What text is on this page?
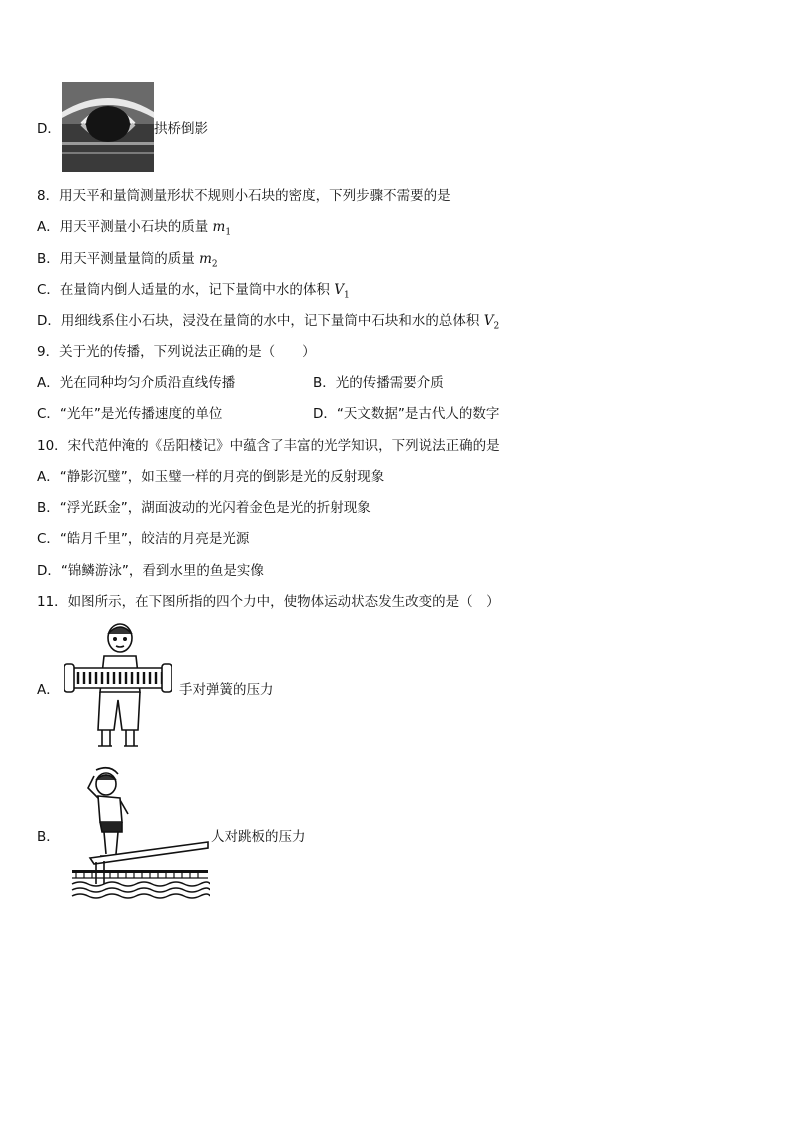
D．	拱桥倒影
8．用天平和量筒测量形状不规则小石块的密度，下列步骤不需要的是
A．用天平测量小石块的质量 $m_1$
B．用天平测量量筒的质量 $m_2$
C．在量筒内倒人适量的水，记下量筒中水的体积 $V_1$
D．用细线系住小石块，浸没在量筒的水中，记下量筒中石块和水的总体积 $V_2$
9．关于光的传播，下列说法正确的是（　　）
A．光在同种均匀介质沿直线传播	B．光的传播需要介质
C．“光年”是光传播速度的单位	D．“天文数据”是古代人的数字
10．宋代范仲淹的《岳阳楼记》中蕴含了丰富的光学知识，下列说法正确的是
A．“静影沉璧”，如玉璧一样的月亮的倒影是光的反射现象
B．“浮光跃金”，湖面波动的光闪着金色是光的折射现象
C．“皓月千里”，皎洁的月亮是光源
D．“锦鳞游泳”，看到水里的鱼是实像
11．如图所示，在下图所指的四个力中，使物体运动状态发生改变的是（　）
A．	手对弹簧的压力
B．	人对跳板的压力
